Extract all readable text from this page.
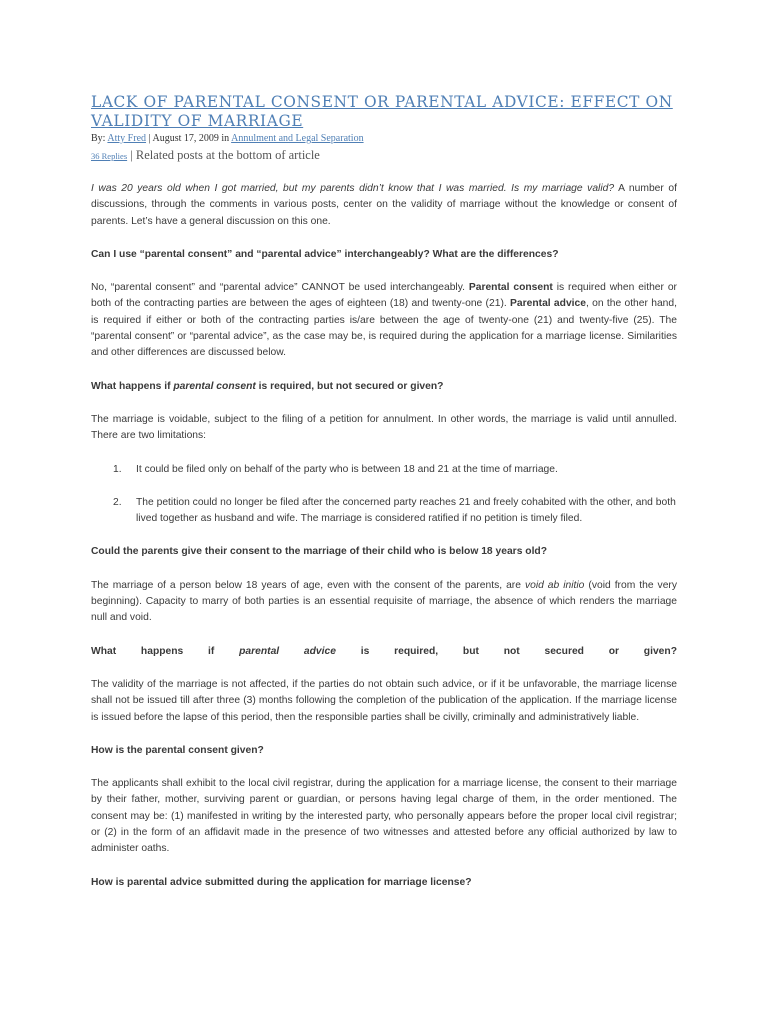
LACK OF PARENTAL CONSENT OR PARENTAL ADVICE: EFFECT ON VALIDITY OF MARRIAGE
By: Atty Fred | August 17, 2009 in Annulment and Legal Separation
36 Replies | Related posts at the bottom of article

I was 20 years old when I got married, but my parents didn’t know that I was married. Is my marriage valid? A number of discussions, through the comments in various posts, center on the validity of marriage without the knowledge or consent of parents. Let’s have a general discussion on this one.

Can I use “parental consent” and “parental advice” interchangeably? What are the differences?

No, “parental consent” and “parental advice” CANNOT be used interchangeably. Parental consent is required when either or both of the contracting parties are between the ages of eighteen (18) and twenty-one (21). Parental advice, on the other hand, is required if either or both of the contracting parties is/are between the age of twenty-one (21) and twenty-five (25). The “parental consent” or “parental advice”, as the case may be, is required during the application for a marriage license. Similarities and other differences are discussed below.

What happens if parental consent is required, but not secured or given?

The marriage is voidable, subject to the filing of a petition for annulment. In other words, the marriage is valid until annulled. There are two limitations:

1. It could be filed only on behalf of the party who is between 18 and 21 at the time of marriage.
2. The petition could no longer be filed after the concerned party reaches 21 and freely cohabited with the other, and both lived together as husband and wife. The marriage is considered ratified if no petition is timely filed.

Could the parents give their consent to the marriage of their child who is below 18 years old?

The marriage of a person below 18 years of age, even with the consent of the parents, are void ab initio (void from the very beginning). Capacity to marry of both parties is an essential requisite of marriage, the absence of which renders the marriage null and void.

What happens if parental advice is required, but not secured or given?

The validity of the marriage is not affected, if the parties do not obtain such advice, or if it be unfavorable, the marriage license shall not be issued till after three (3) months following the completion of the publication of the application. If the marriage license is issued before the lapse of this period, then the responsible parties shall be civilly, criminally and administratively liable.

How is the parental consent given?

The applicants shall exhibit to the local civil registrar, during the application for a marriage license, the consent to their marriage by their father, mother, surviving parent or guardian, or persons having legal charge of them, in the order mentioned. The consent may be: (1) manifested in writing by the interested party, who personally appears before the proper local civil registrar; or (2) in the form of an affidavit made in the presence of two witnesses and attested before any official authorized by law to administer oaths.

How is parental advice submitted during the application for marriage license?
